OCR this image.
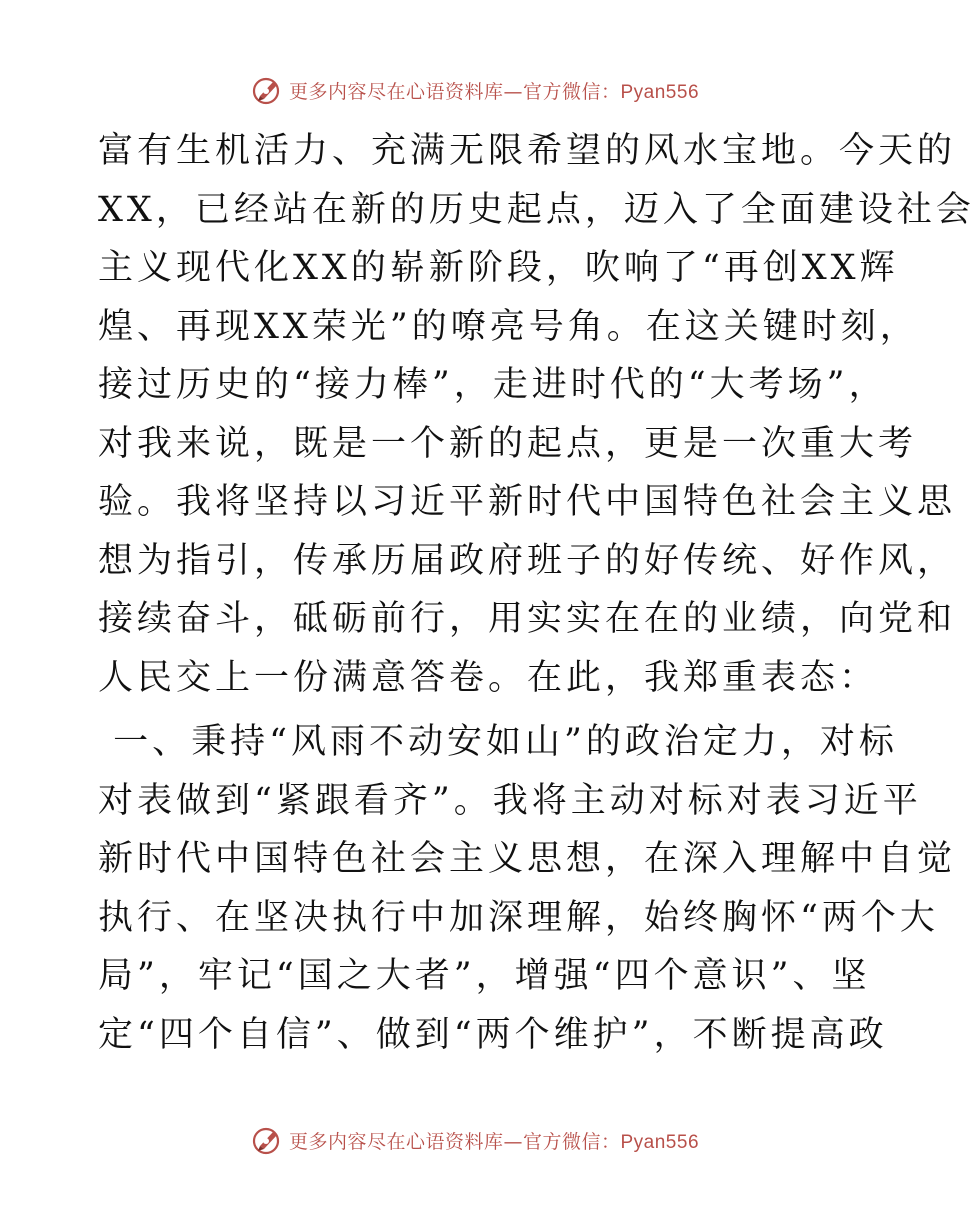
更多内容尽在心语资料库—官方微信：Pyan556
富有生机活力、充满无限希望的风水宝地。今天的
XX，已经站在新的历史起点，迈入了全面建设社会
主义现代化XX的崭新阶段，吹响了“再创XX辉
煌、再现XX荣光”的嘹亮号角。在这关键时刻，
接过历史的“接力棒”，走进时代的“大考场”，
对我来说，既是一个新的起点，更是一次重大考
验。我将坚持以习近平新时代中国特色社会主义思
想为指引，传承历届政府班子的好传统、好作风，
接续奋斗，砥砺前行，用实实在在的业绩，向党和
人民交上一份满意答卷。在此，我郑重表态：
一、秉持“风雨不动安如山”的政治定力，对标
对表做到“紧跟看齐”。我将主动对标对表习近平
新时代中国特色社会主义思想，在深入理解中自觉
执行、在坚决执行中加深理解，始终胸怀“两个大
局”，牢记“国之大者”，增强“四个意识”、坚
定“四个自信”、做到“两个维护”，不断提高政
更多内容尽在心语资料库—官方微信：Pyan556
